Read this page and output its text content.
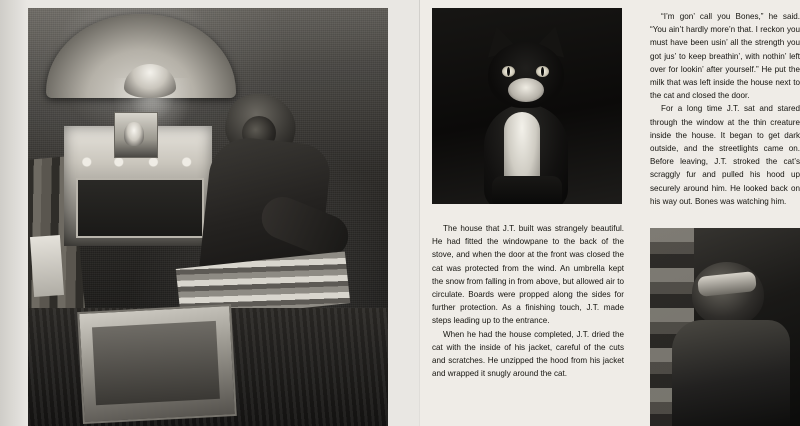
The house that J.T. built was strangely beautiful. He had fitted the windowpane to the back of the stove, and when the door at the front was closed the cat was protected from the wind. An umbrella kept the snow from falling in from above, but allowed air to circulate. Boards were propped along the sides for further protection. As a finishing touch, J.T. made steps leading up to the entrance.

When he had the house completed, J.T. dried the cat with the inside of his jacket, careful of the cuts and scratches. He unzipped the hood from his jacket and wrapped it snugly around the cat.

“I’m gon’ call you Bones,” he said. “You ain’t hardly more’n that. I reckon you must have been usin’ all the strength you got jus’ to keep breathin’, with nothin’ left over for lookin’ after yourself.” He put the milk that was left inside the house next to the cat and closed the door.

For a long time J.T. sat and stared through the window at the thin creature inside the house. It began to get dark outside, and the streetlights came on. Before leaving, J.T. stroked the cat’s scraggly fur and pulled his hood up securely around him. He looked back on his way out. Bones was watching him.
